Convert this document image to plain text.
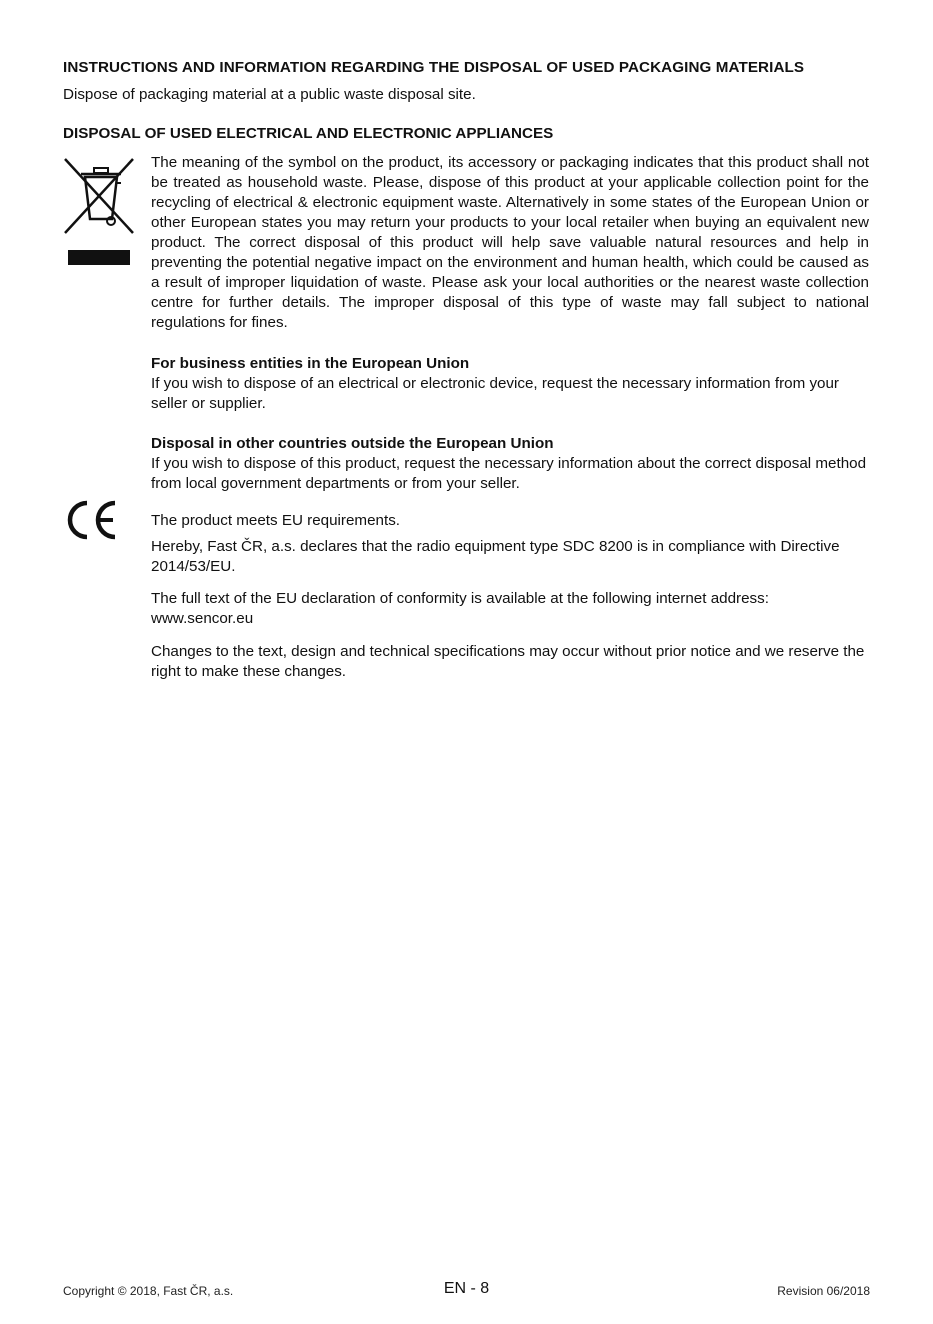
INSTRUCTIONS AND INFORMATION REGARDING THE DISPOSAL OF USED PACKAGING MATERIALS
Dispose of packaging material at a public waste disposal site.
DISPOSAL OF USED ELECTRICAL AND ELECTRONIC APPLIANCES
The meaning of the symbol on the product, its accessory or packaging indicates that this product shall not be treated as household waste. Please, dispose of this product at your applicable collection point for the recycling of electrical & electronic equipment waste. Alternatively in some states of the European Union or other European states you may return your products to your local retailer when buying an equivalent new product. The correct disposal of this product will help save valuable natural resources and help in preventing the potential negative impact on the environment and human health, which could be caused as a result of improper liquidation of waste. Please ask your local authorities or the nearest waste collection centre for further details. The improper disposal of this type of waste may fall subject to national regulations for fines.
For business entities in the European Union
If you wish to dispose of an electrical or electronic device, request the necessary information from your seller or supplier.
Disposal in other countries outside the European Union
If you wish to dispose of this product, request the necessary information about the correct disposal method from local government departments or from your seller.
The product meets EU requirements.
Hereby, Fast ČR, a.s. declares that the radio equipment type SDC 8200 is in compliance with Directive 2014/53/EU.
The full text of the EU declaration of conformity is available at the following internet address: www.sencor.eu
Changes to the text, design and technical specifications may occur without prior notice and we reserve the right to make these changes.
Copyright © 2018, Fast ČR, a.s.	EN - 8	Revision 06/2018
